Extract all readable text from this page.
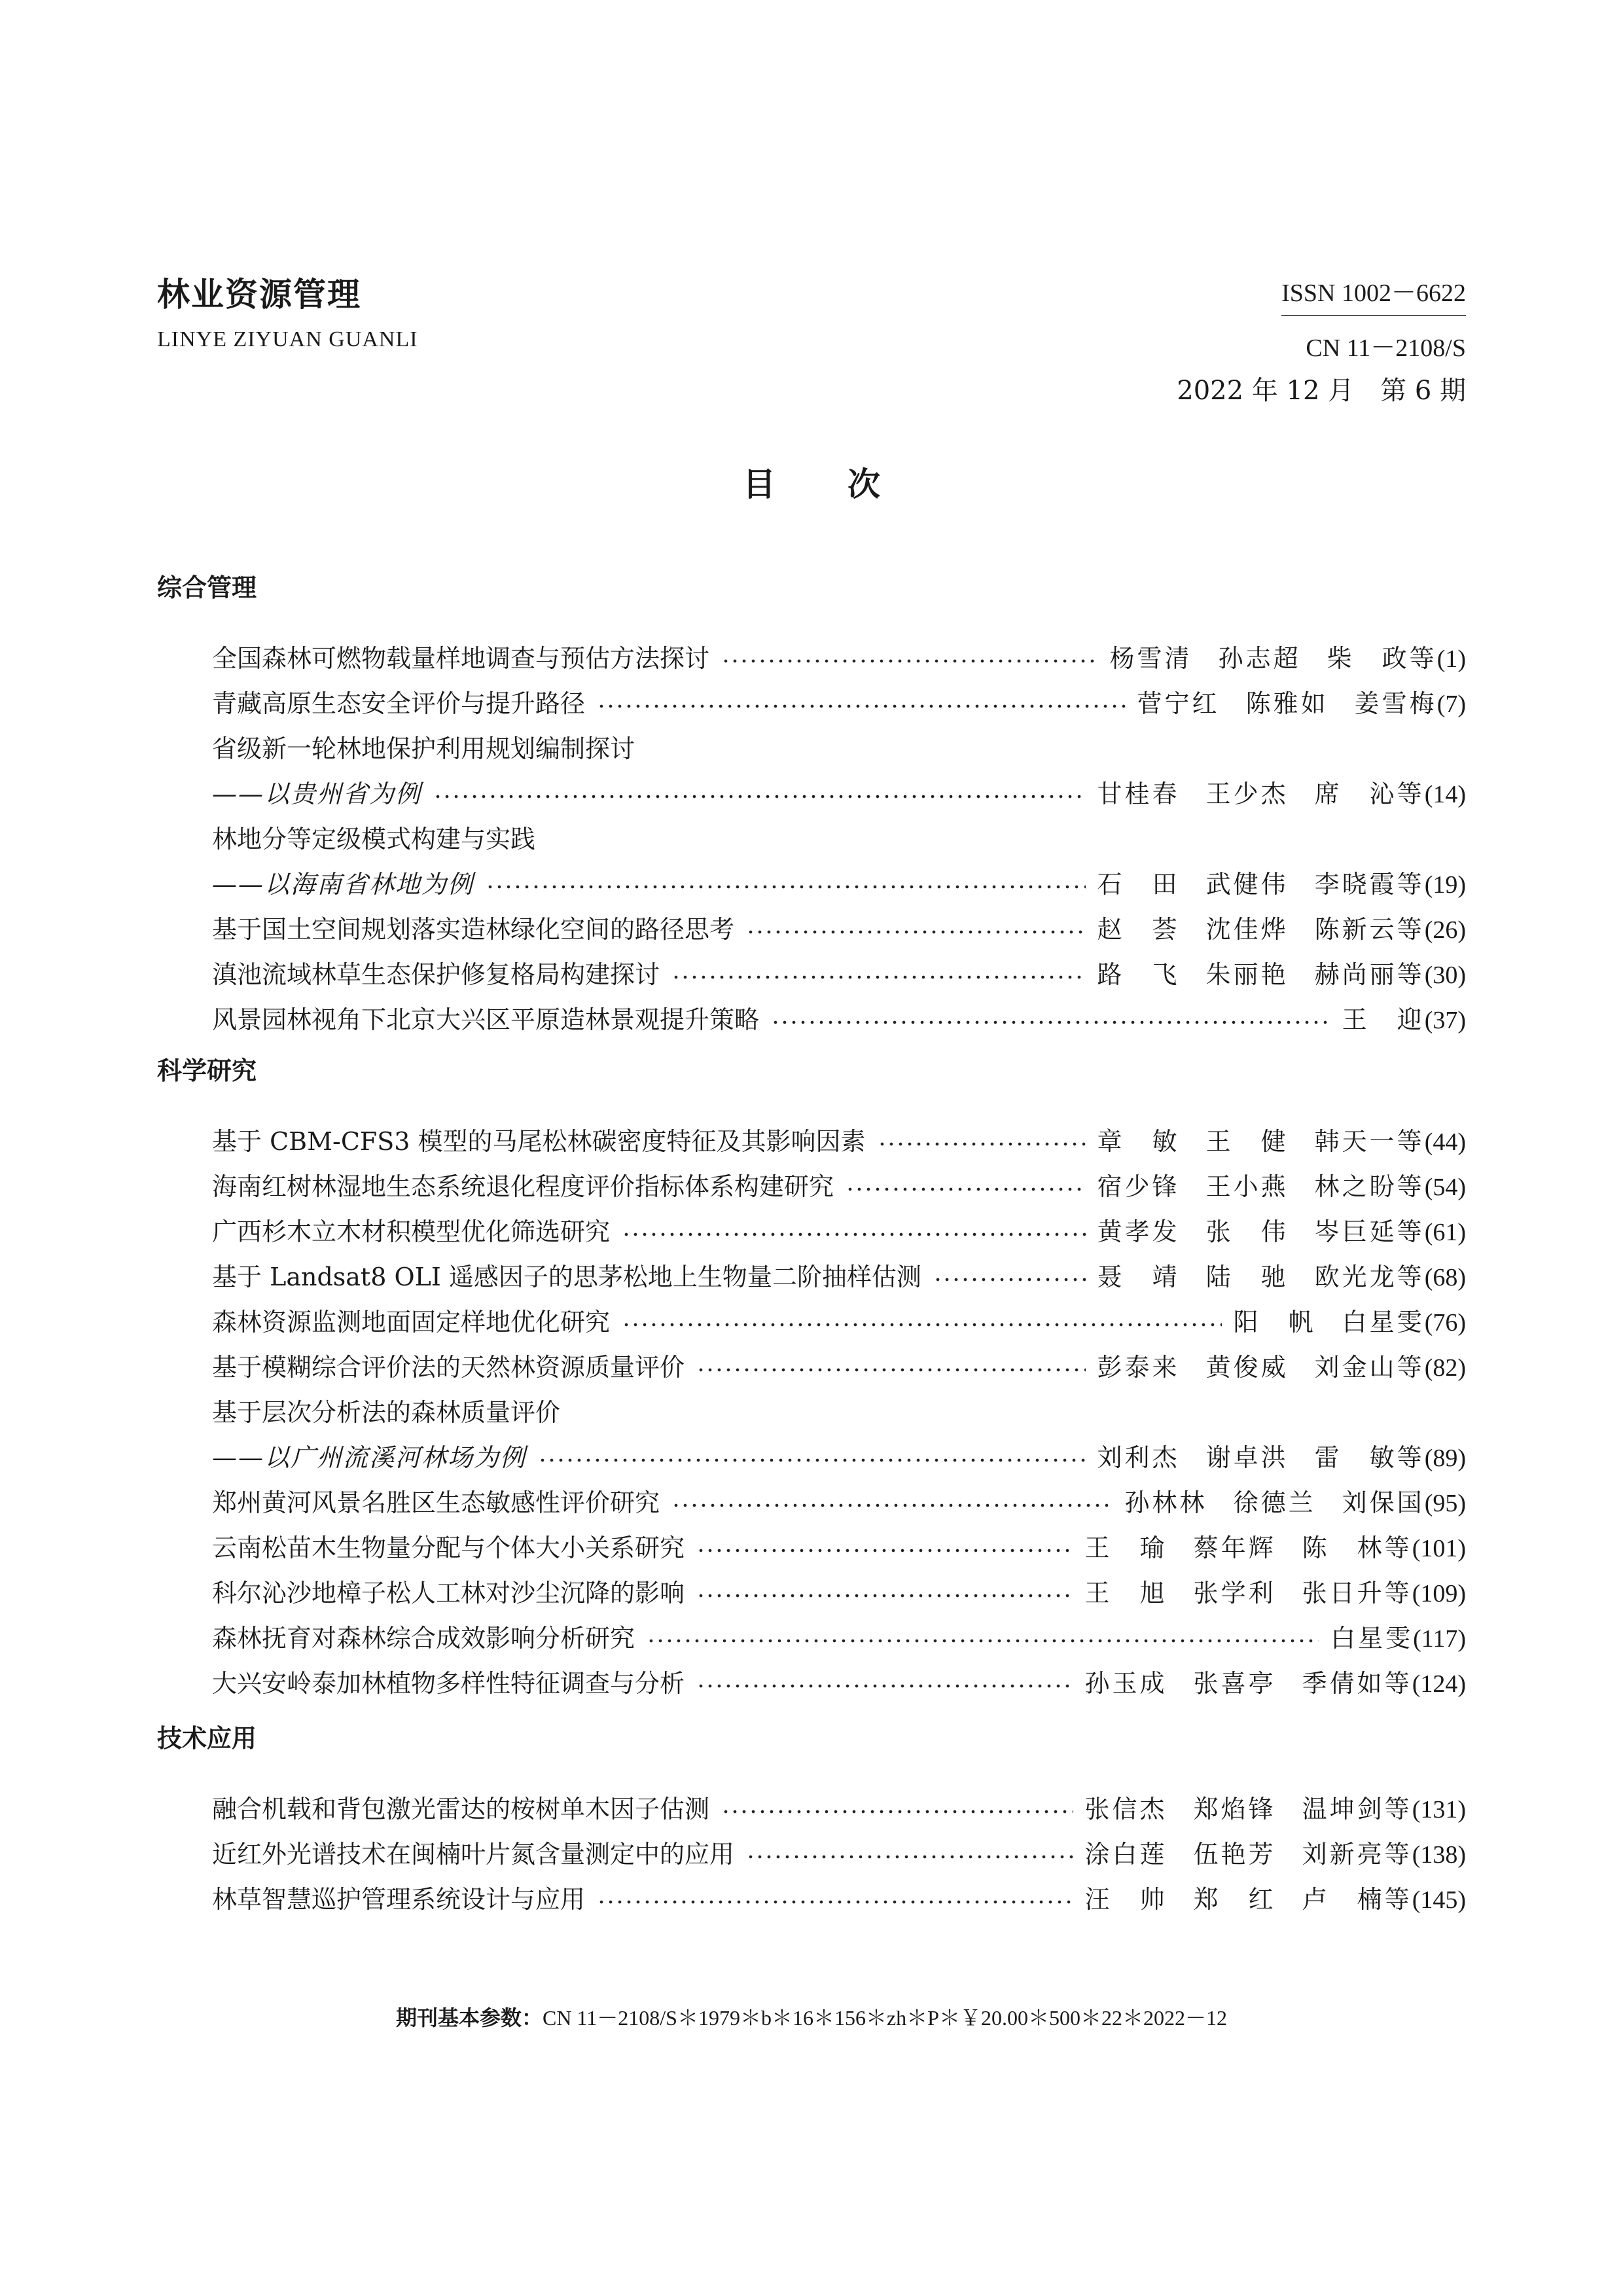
林业资源管理
LINYE ZIYUAN GUANLI
ISSN 1002－6622
CN 11－2108/S
2022 年 12 月　第 6 期
目次
综合管理
全国森林可燃物载量样地调查与预估方法探讨	杨雪清 孙志超 柴　政等 (1)
青藏高原生态安全评价与提升路径	菅宁红 陈雅如 姜雪梅 (7)
省级新一轮林地保护利用规划编制探讨
——以贵州省为例	甘桂春 王少杰 席　沁等 (14)
林地分等定级模式构建与实践
——以海南省林地为例	石　田 武健伟 李晓霞等 (19)
基于国土空间规划落实造林绿化空间的路径思考	赵　荟 沈佳烨 陈新云等 (26)
滇池流域林草生态保护修复格局构建探讨	路　飞 朱丽艳 赫尚丽等 (30)
风景园林视角下北京大兴区平原造林景观提升策略	王　迎 (37)
科学研究
基于 CBM-CFS3 模型的马尾松林碳密度特征及其影响因素	章　敏 王　健 韩天一等 (44)
海南红树林湿地生态系统退化程度评价指标体系构建研究	宿少锋 王小燕 林之盼等 (54)
广西杉木立木材积模型优化筛选研究	黄孝发 张　伟 岑巨延等 (61)
基于 Landsat8 OLI 遥感因子的思茅松地上生物量二阶抽样估测	聂　靖 陆　驰 欧光龙等 (68)
森林资源监测地面固定样地优化研究	阳　帆 白星雯 (76)
基于模糊综合评价法的天然林资源质量评价	彭泰来 黄俊威 刘金山等 (82)
基于层次分析法的森林质量评价
——以广州流溪河林场为例	刘利杰 谢卓洪 雷　敏等 (89)
郑州黄河风景名胜区生态敏感性评价研究	孙林林 徐德兰 刘保国 (95)
云南松苗木生物量分配与个体大小关系研究	王　瑜 蔡年辉 陈　林等 (101)
科尔沁沙地樟子松人工林对沙尘沉降的影响	王　旭 张学利 张日升等 (109)
森林抚育对森林综合成效影响分析研究	白星雯 (117)
大兴安岭泰加林植物多样性特征调查与分析	孙玉成 张喜亭 季倩如等 (124)
技术应用
融合机载和背包激光雷达的桉树单木因子估测	张信杰 郑焰锋 温坤剑等 (131)
近红外光谱技术在闽楠叶片氮含量测定中的应用	涂白莲 伍艳芳 刘新亮等 (138)
林草智慧巡护管理系统设计与应用	汪　帅 郑　红 卢　楠等 (145)
期刊基本参数：CN 11－2108/S＊1979＊b＊16＊156＊zh＊P＊￥20.00＊500＊22＊2022－12
